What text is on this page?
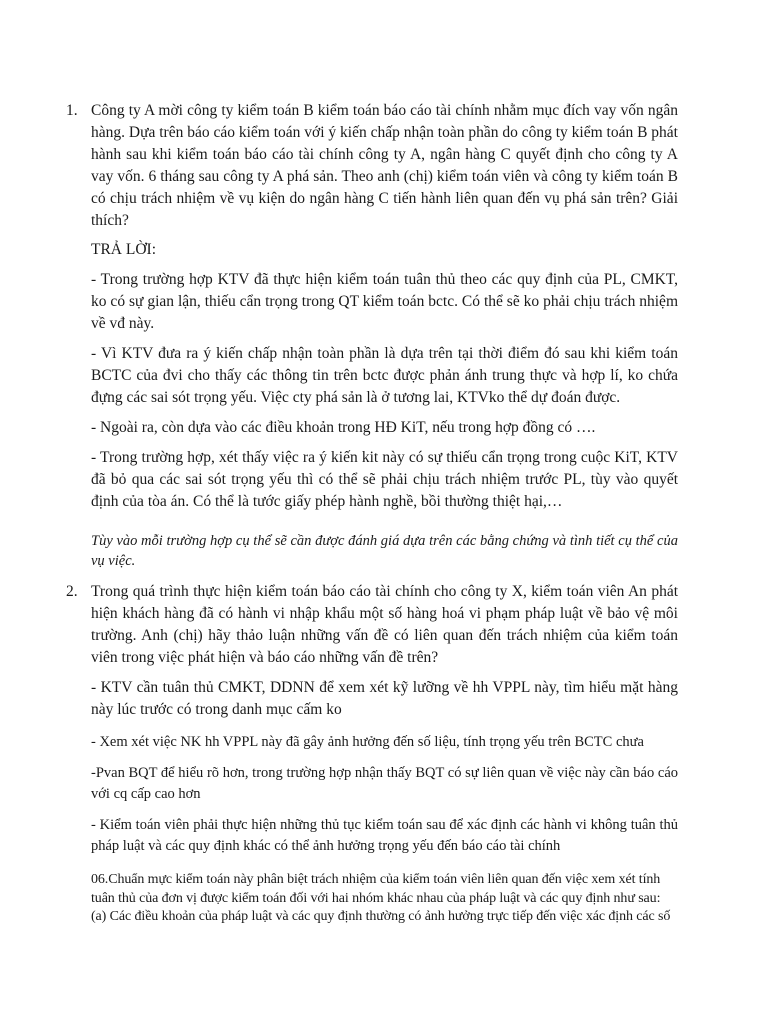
1. Công ty A mời công ty kiểm toán B kiểm toán báo cáo tài chính nhằm mục đích vay vốn ngân hàng. Dựa trên báo cáo kiểm toán với ý kiến chấp nhận toàn phần do công ty kiểm toán B phát hành sau khi kiểm toán báo cáo tài chính công ty A, ngân hàng C quyết định cho công ty A vay vốn. 6 tháng sau công ty A phá sản. Theo anh (chị) kiểm toán viên và công ty kiểm toán B có chịu trách nhiệm về vụ kiện do ngân hàng C tiến hành liên quan đến vụ phá sản trên? Giải thích?

TRẢ LỜI:

- Trong trường hợp KTV đã thực hiện kiểm toán tuân thủ theo các quy định của PL, CMKT, ko có sự gian lận, thiếu cẩn trọng trong QT kiểm toán bctc. Có thể sẽ ko phải chịu trách nhiệm về vđ này.

- Vì KTV đưa ra ý kiến chấp nhận toàn phần là dựa trên tại thời điểm đó sau khi kiểm toán BCTC của đvi cho thấy các thông tin trên bctc được phản ánh trung thực và hợp lí, ko chứa đựng các sai sót trọng yếu. Việc cty phá sản là ở tương lai, KTVko thể dự đoán được.

- Ngoài ra, còn dựa vào các điều khoản trong HĐ KiT, nếu trong hợp đồng có ….

- Trong trường hợp, xét thấy việc ra ý kiến kit này có sự thiếu cẩn trọng trong cuộc KiT, KTV đã bỏ qua các sai sót trọng yếu thì có thể sẽ phải chịu trách nhiệm trước PL, tùy vào quyết định của tòa án. Có thể là tước giấy phép hành nghề, bồi thường thiệt hại,…

Tùy vào mỗi trường hợp cụ thể sẽ cần được đánh giá dựa trên các bằng chứng và tình tiết cụ thể của vụ việc.

2. Trong quá trình thực hiện kiểm toán báo cáo tài chính cho công ty X, kiểm toán viên An phát hiện khách hàng đã có hành vi nhập khẩu một số hàng hoá vi phạm pháp luật về bảo vệ môi trường. Anh (chị) hãy thảo luận những vấn đề có liên quan đến trách nhiệm của kiểm toán viên trong việc phát hiện và báo cáo những vấn đề trên?

- KTV cần tuân thủ CMKT, DDNN để xem xét kỹ lưỡng về hh VPPL này, tìm hiểu mặt hàng này lúc trước có trong danh mục cấm ko

- Xem xét việc NK hh VPPL này đã gây ảnh hưởng đến số liệu, tính trọng yếu trên BCTC chưa

-Pvan BQT để hiểu rõ hơn, trong trường hợp nhận thấy BQT có sự liên quan về việc này cần báo cáo với cq cấp cao hơn

- Kiểm toán viên phải thực hiện những thủ tục kiểm toán sau để xác định các hành vi không tuân thủ pháp luật và các quy định khác có thể ảnh hưởng trọng yếu đến báo cáo tài chính

06.Chuẩn mực kiểm toán này phân biệt trách nhiệm của kiểm toán viên liên quan đến việc xem xét tính
tuân thủ của đơn vị được kiểm toán đối với hai nhóm khác nhau của pháp luật và các quy định như sau:
(a) Các điều khoản của pháp luật và các quy định thường có ảnh hưởng trực tiếp đến việc xác định các số
